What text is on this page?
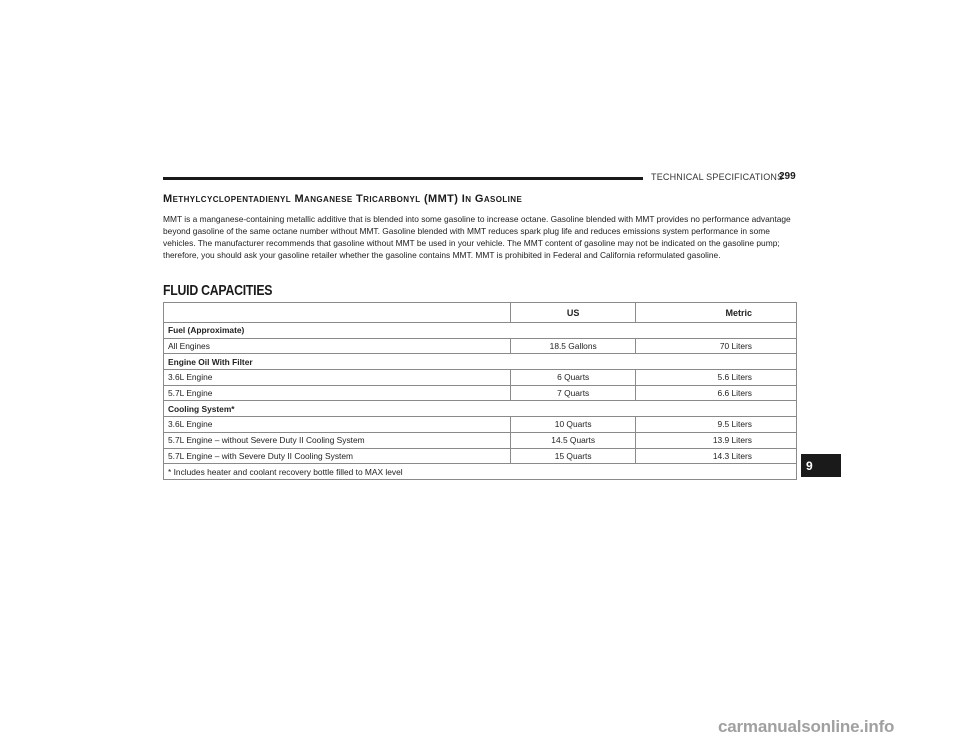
TECHNICAL SPECIFICATIONS
299
Methylcyclopentadienyl Manganese Tricarbonyl (MMT) In Gasoline
MMT is a manganese-containing metallic additive that is blended into some gasoline to increase octane. Gasoline blended with MMT provides no performance advantage beyond gasoline of the same octane number without MMT. Gasoline blended with MMT reduces spark plug life and reduces emissions system performance in some vehicles. The manufacturer recommends that gasoline without MMT be used in your vehicle. The MMT content of gasoline may not be indicated on the gasoline pump; therefore, you should ask your gasoline retailer whether the gasoline contains MMT. MMT is prohibited in Federal and California reformulated gasoline.
FLUID CAPACITIES
	US	Metric
Fuel (Approximate)		
All Engines	18.5 Gallons	70 Liters
Engine Oil With Filter		
3.6L Engine	6 Quarts	5.6 Liters
5.7L Engine	7 Quarts	6.6 Liters
Cooling System*		
3.6L Engine	10 Quarts	9.5 Liters
5.7L Engine – without Severe Duty II Cooling System	14.5 Quarts	13.9 Liters
5.7L Engine – with Severe Duty II Cooling System	15 Quarts	14.3 Liters
* Includes heater and coolant recovery bottle filled to MAX level			9
carmanualsonline.info
